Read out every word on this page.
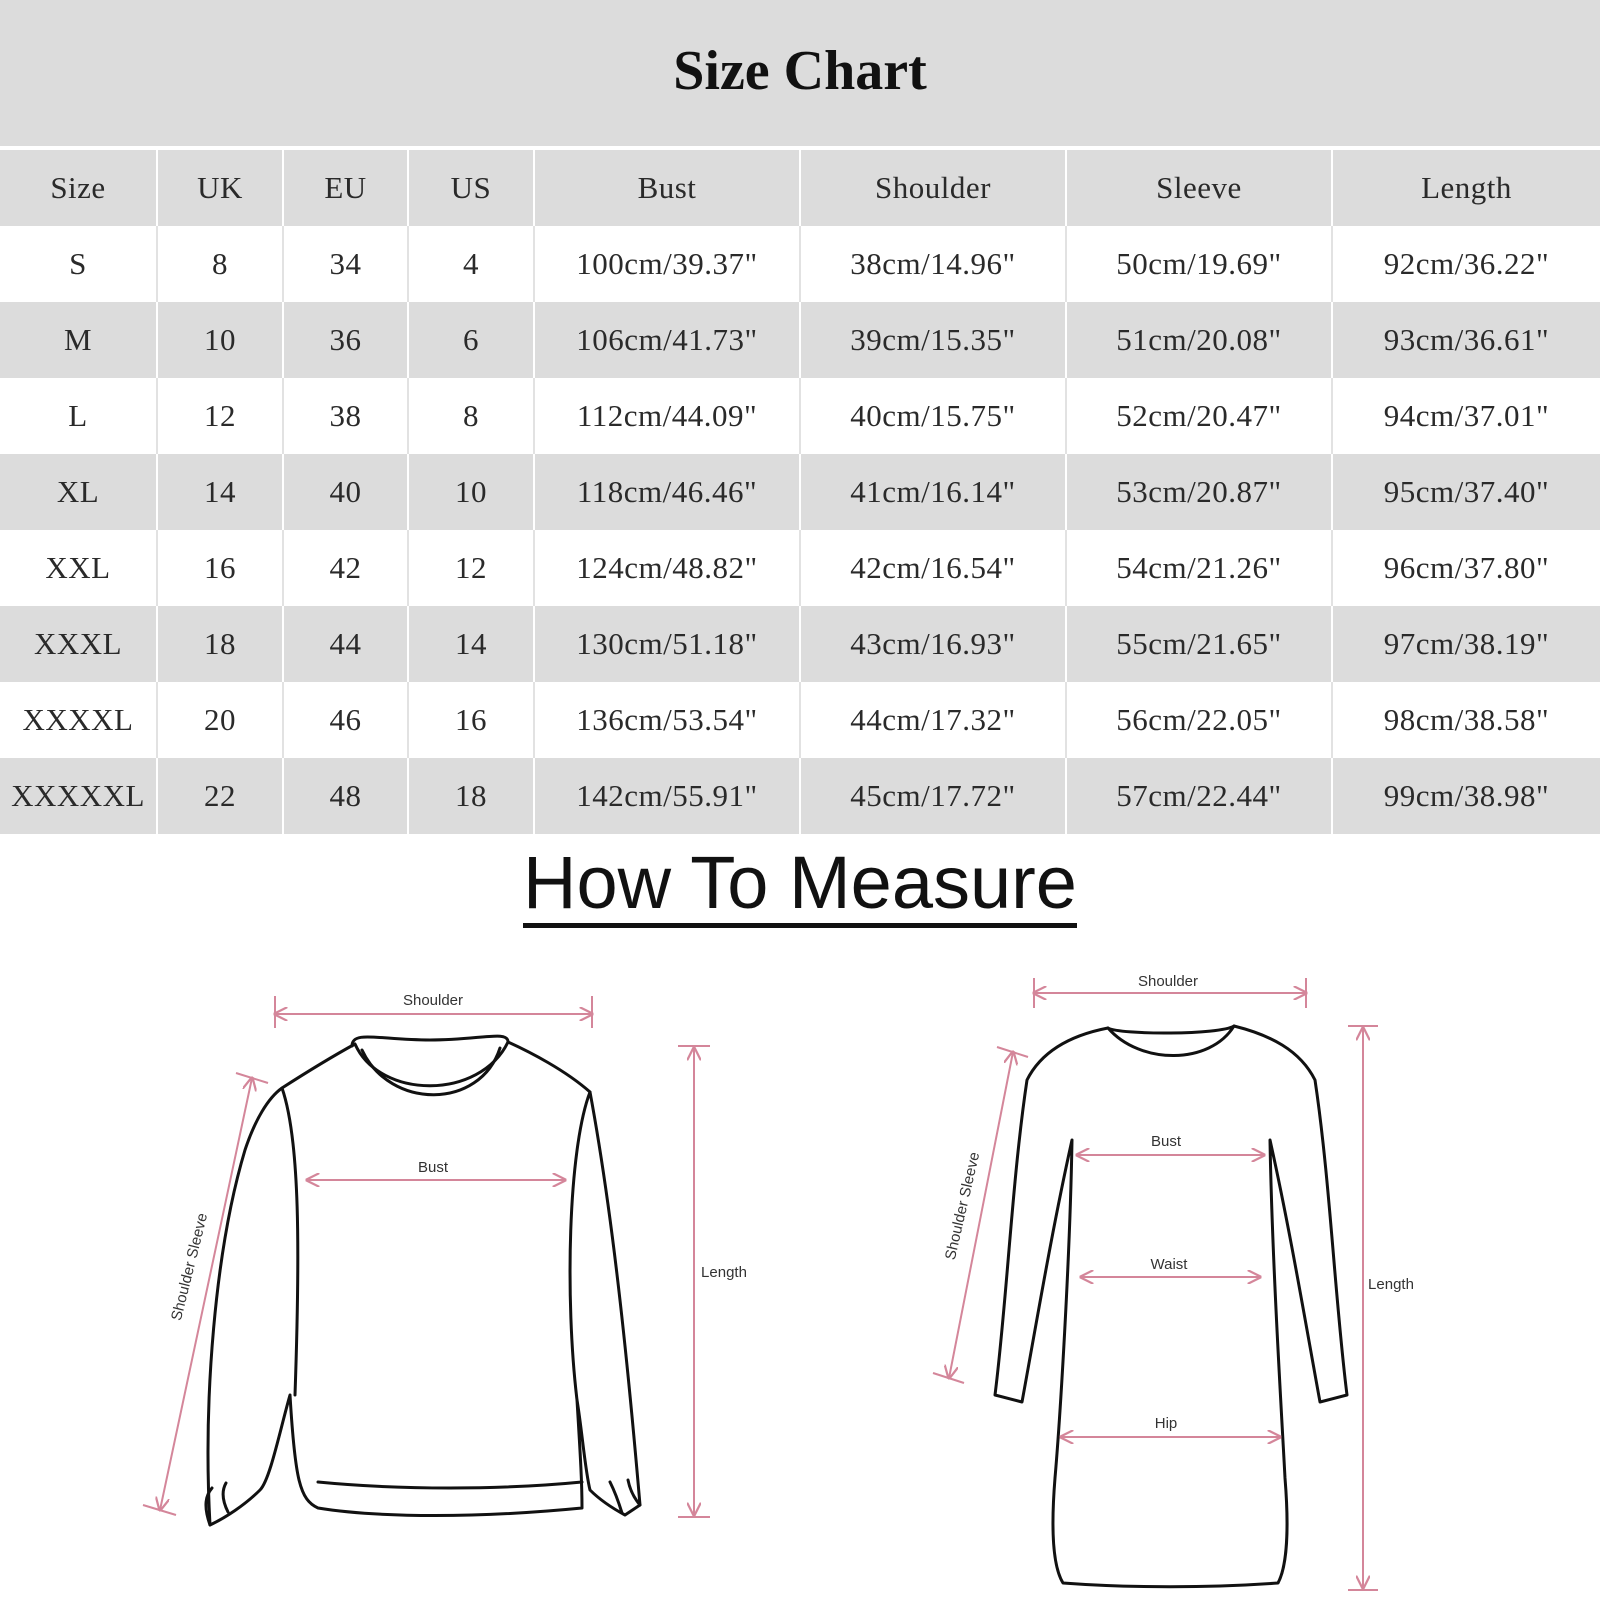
Size Chart
Size	UK	EU	US	Bust	Shoulder	Sleeve	Length
S	8	34	4	100cm/39.37"	38cm/14.96"	50cm/19.69"	92cm/36.22"
M	10	36	6	106cm/41.73"	39cm/15.35"	51cm/20.08"	93cm/36.61"
L	12	38	8	112cm/44.09"	40cm/15.75"	52cm/20.47"	94cm/37.01"
XL	14	40	10	118cm/46.46"	41cm/16.14"	53cm/20.87"	95cm/37.40"
XXL	16	42	12	124cm/48.82"	42cm/16.54"	54cm/21.26"	96cm/37.80"
XXXL	18	44	14	130cm/51.18"	43cm/16.93"	55cm/21.65"	97cm/38.19"
XXXXL	20	46	16	136cm/53.54"	44cm/17.32"	56cm/22.05"	98cm/38.58"
XXXXXL	22	48	18	142cm/55.91"	45cm/17.72"	57cm/22.44"	99cm/38.98"
How To Measure
Shoulder
Bust
Length
Shoulder Sleeve
Shoulder
Bust
Waist
Hip
Length
Shoulder Sleeve
